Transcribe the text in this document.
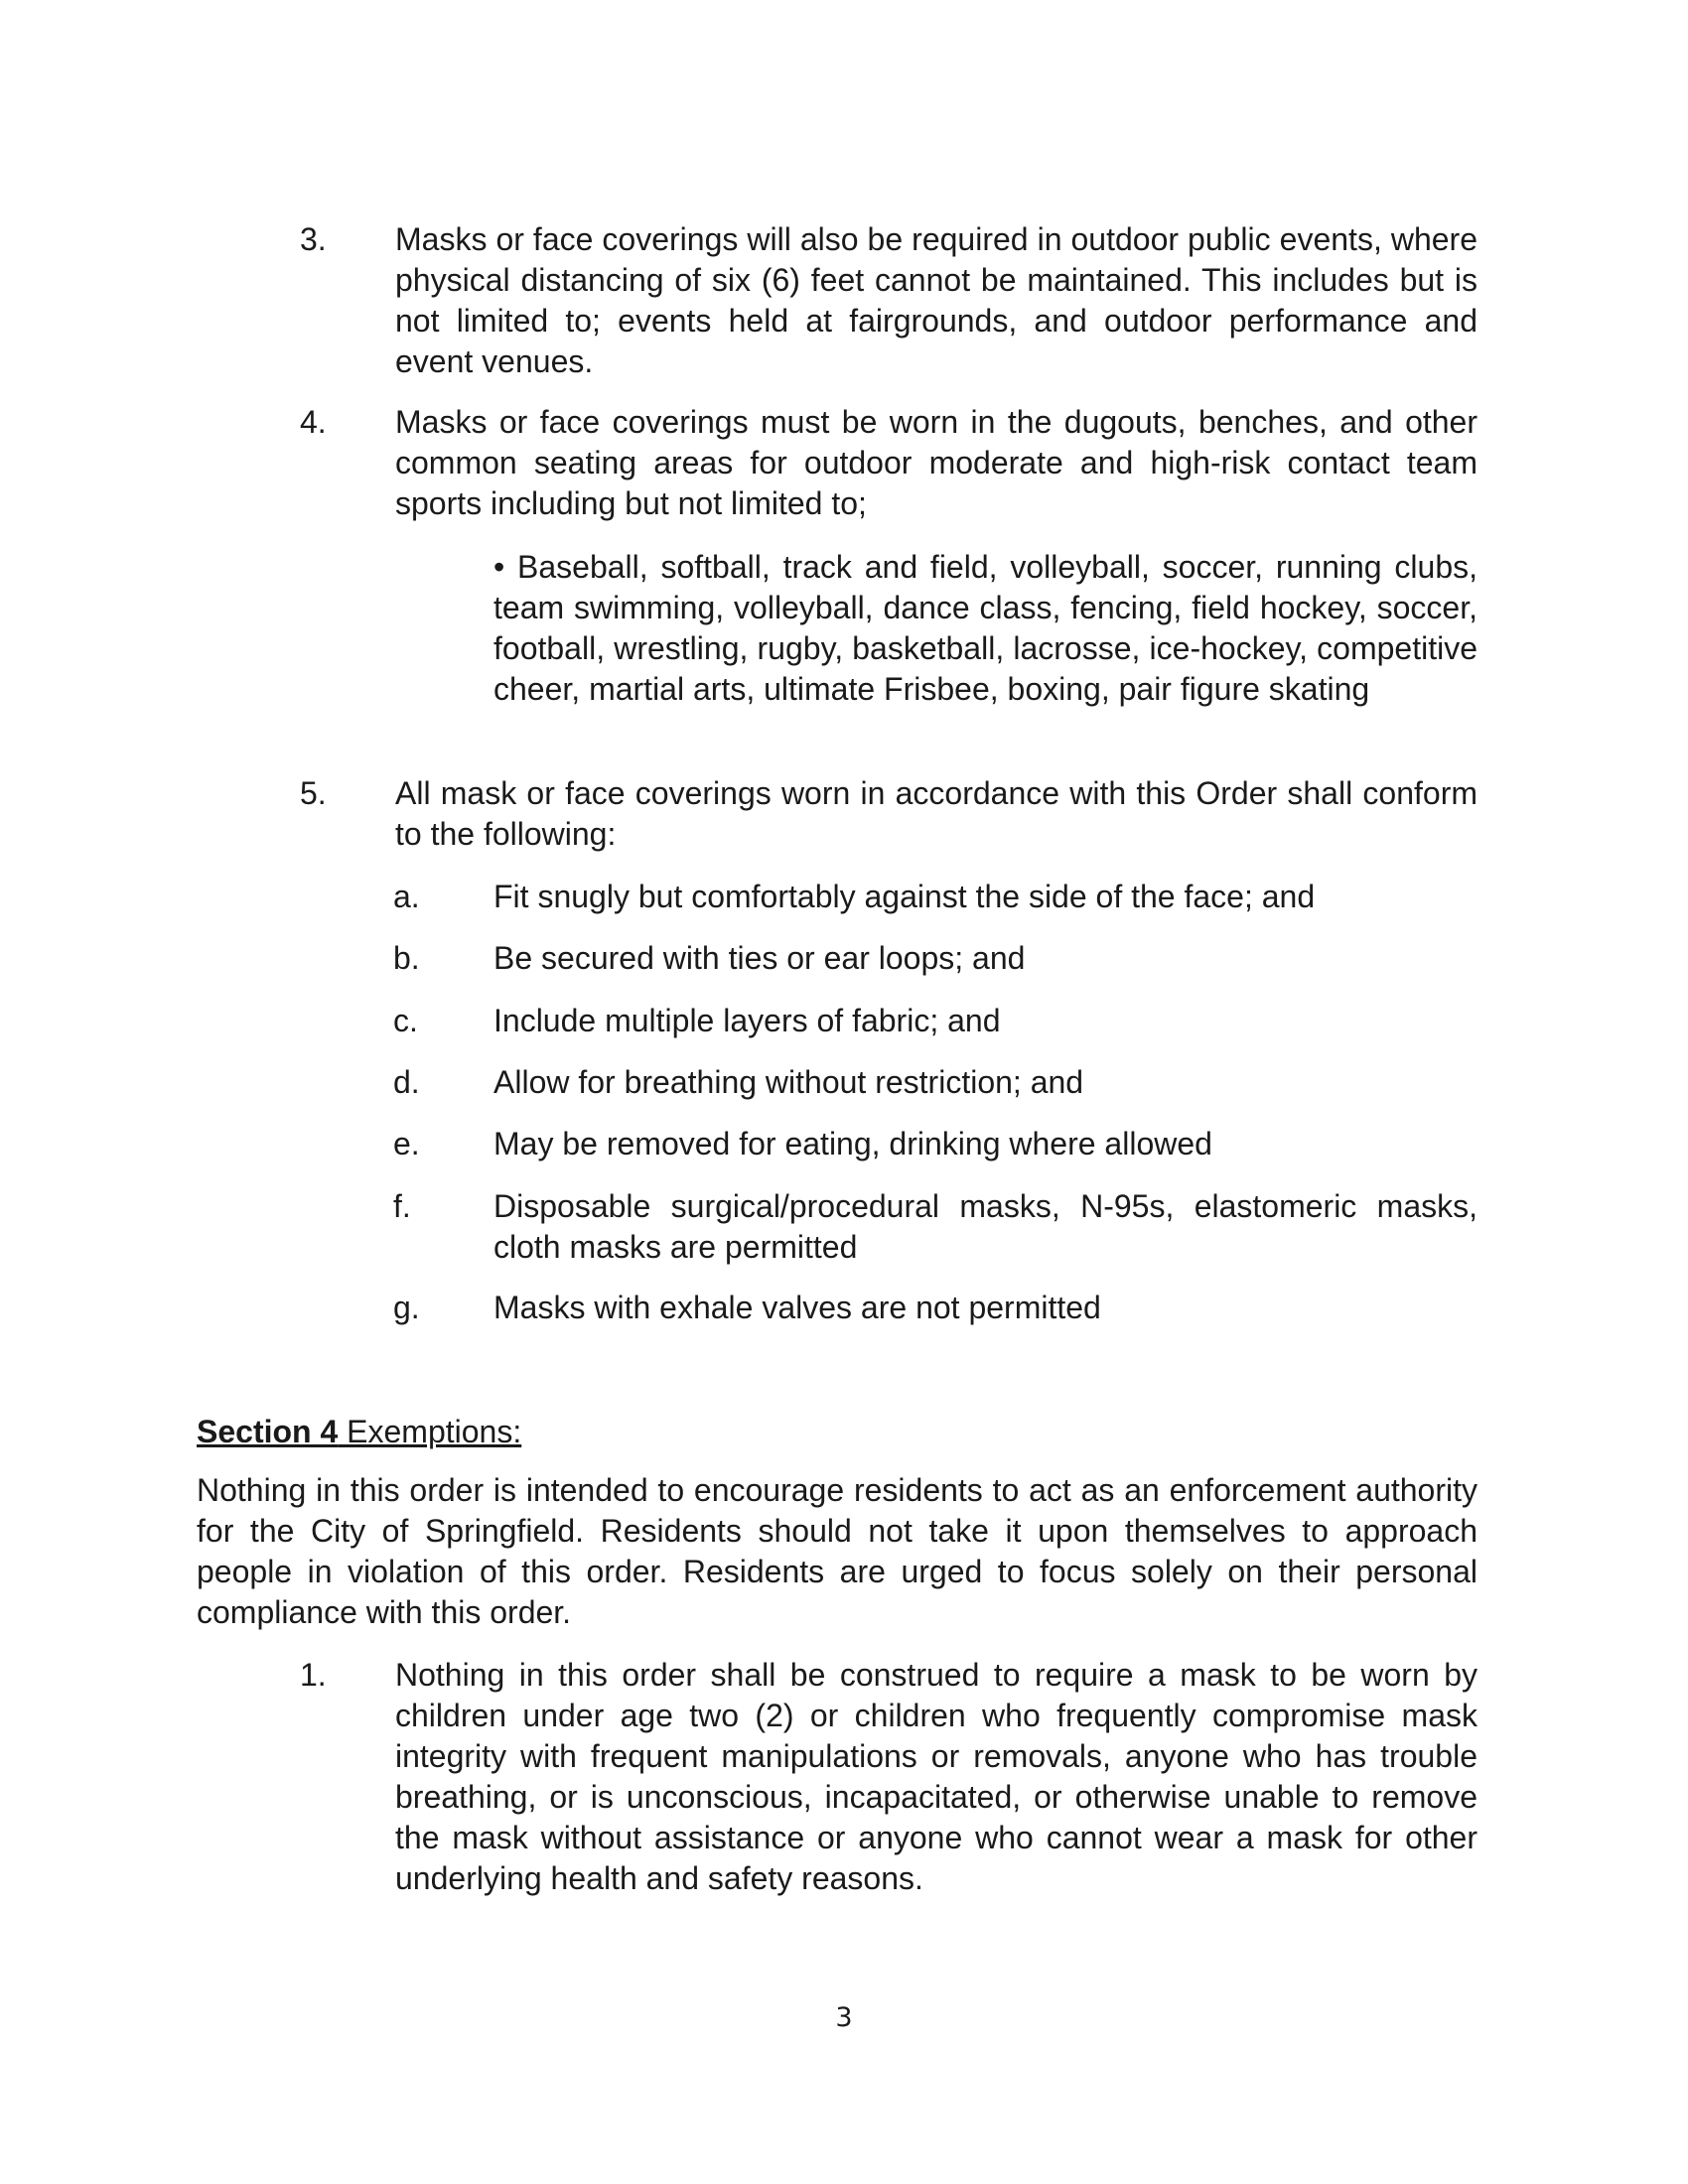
3. Masks or face coverings will also be required in outdoor public events, where physical distancing of six (6) feet cannot be maintained. This includes but is not limited to; events held at fairgrounds, and outdoor performance and event venues.
4. Masks or face coverings must be worn in the dugouts, benches, and other common seating areas for outdoor moderate and high-risk contact team sports including but not limited to;
• Baseball, softball, track and field, volleyball, soccer, running clubs, team swimming, volleyball, dance class, fencing, field hockey, soccer, football, wrestling, rugby, basketball, lacrosse, ice-hockey, competitive cheer, martial arts, ultimate Frisbee, boxing, pair figure skating
5. All mask or face coverings worn in accordance with this Order shall conform to the following:
a. Fit snugly but comfortably against the side of the face; and
b. Be secured with ties or ear loops; and
c. Include multiple layers of fabric; and
d. Allow for breathing without restriction; and
e. May be removed for eating, drinking where allowed
f.	Disposable surgical/procedural masks, N-95s, elastomeric masks, cloth masks are permitted
g. Masks with exhale valves are not permitted
Section 4 Exemptions:
Nothing in this order is intended to encourage residents to act as an enforcement authority for the City of Springfield. Residents should not take it upon themselves to approach people in violation of this order. Residents are urged to focus solely on their personal compliance with this order.
1. Nothing in this order shall be construed to require a mask to be worn by children under age two (2) or children who frequently compromise mask integrity with frequent manipulations or removals, anyone who has trouble breathing, or is unconscious, incapacitated, or otherwise unable to remove the mask without assistance or anyone who cannot wear a mask for other underlying health and safety reasons.
3
